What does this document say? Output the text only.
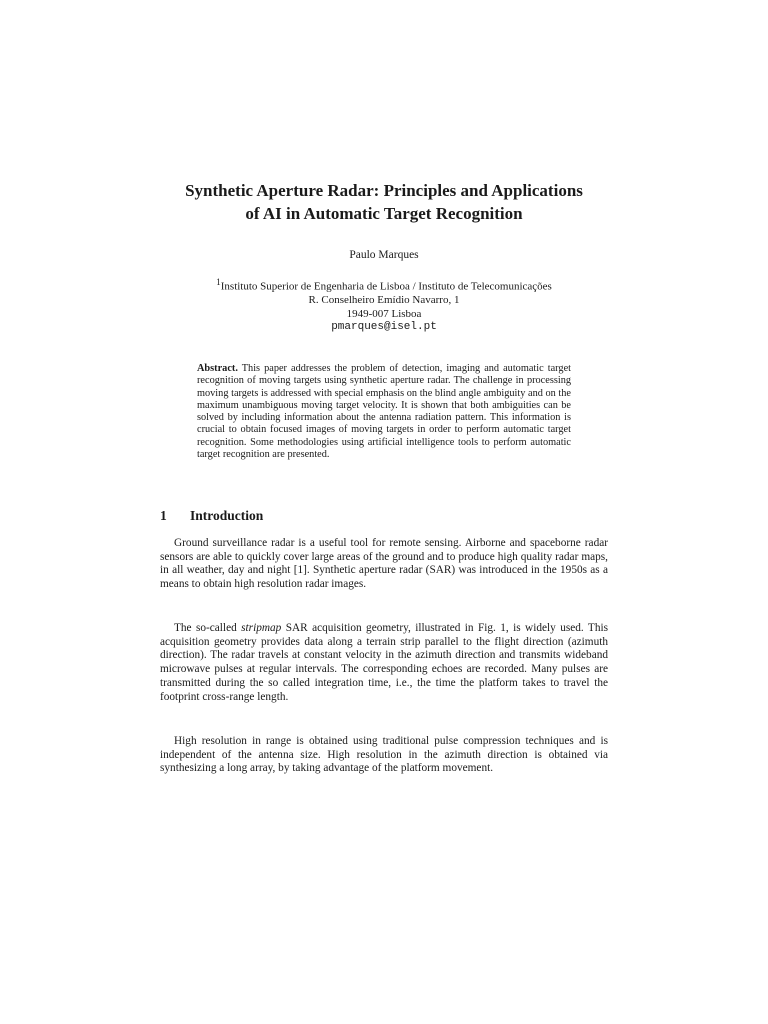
Synthetic Aperture Radar: Principles and Applications
of AI in Automatic Target Recognition
Paulo Marques
$^1$Instituto Superior de Engenharia de Lisboa / Instituto de Telecomunicações
R. Conselheiro Emídio Navarro, 1
1949-007 Lisboa
pmarques@isel.pt
Abstract. This paper addresses the problem of detection, imaging and automatic target recognition of moving targets using synthetic aperture radar. The challenge in processing moving targets is addressed with special emphasis on the blind angle ambiguity and on the maximum unambiguous moving target velocity. It is shown that both ambiguities can be solved by including information about the antenna radiation pattern. This information is crucial to obtain focused images of moving targets in order to perform automatic target recognition. Some methodologies using artificial intelligence tools to perform automatic target recognition are presented.
1 Introduction
Ground surveillance radar is a useful tool for remote sensing. Airborne and spaceborne radar sensors are able to quickly cover large areas of the ground and to produce high quality radar maps, in all weather, day and night [1]. Synthetic aperture radar (SAR) was introduced in the 1950s as a means to obtain high resolution radar images.
The so-called stripmap SAR acquisition geometry, illustrated in Fig. 1, is widely used. This acquisition geometry provides data along a terrain strip parallel to the flight direction (azimuth direction). The radar travels at constant velocity in the azimuth direction and transmits wideband microwave pulses at regular intervals. The corresponding echoes are recorded. Many pulses are transmitted during the so called integration time, i.e., the time the platform takes to travel the footprint cross-range length.
High resolution in range is obtained using traditional pulse compression techniques and is independent of the antenna size. High resolution in the azimuth direction is obtained via synthesizing a long array, by taking advantage of the platform movement.
